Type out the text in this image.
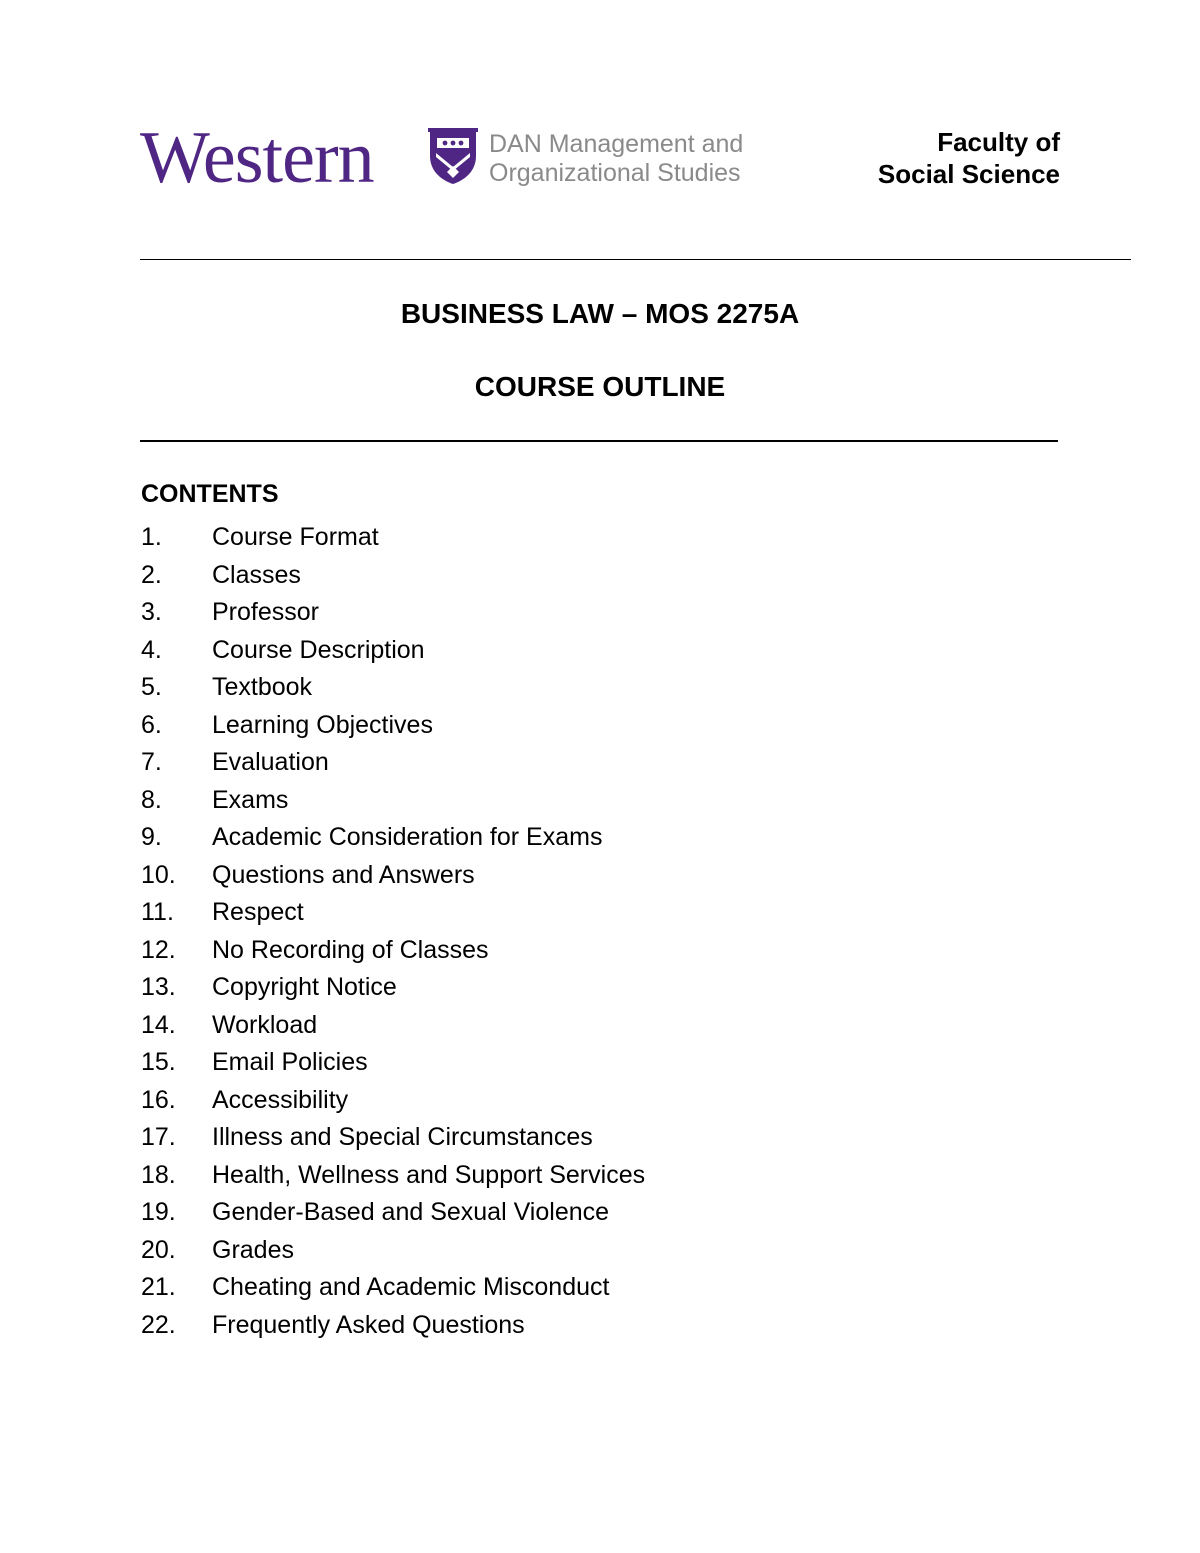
Western	DAN Management and
Organizational Studies
Faculty of
Social Science
BUSINESS LAW – MOS 2275A
COURSE OUTLINE
CONTENTS
1. Course Format
2. Classes
3. Professor
4. Course Description
5. Textbook
6. Learning Objectives
7. Evaluation
8. Exams
9. Academic Consideration for Exams
10. Questions and Answers
11. Respect
12. No Recording of Classes
13. Copyright Notice
14. Workload
15. Email Policies
16. Accessibility
17. Illness and Special Circumstances
18. Health, Wellness and Support Services
19. Gender-Based and Sexual Violence
20. Grades
21. Cheating and Academic Misconduct
22. Frequently Asked Questions
